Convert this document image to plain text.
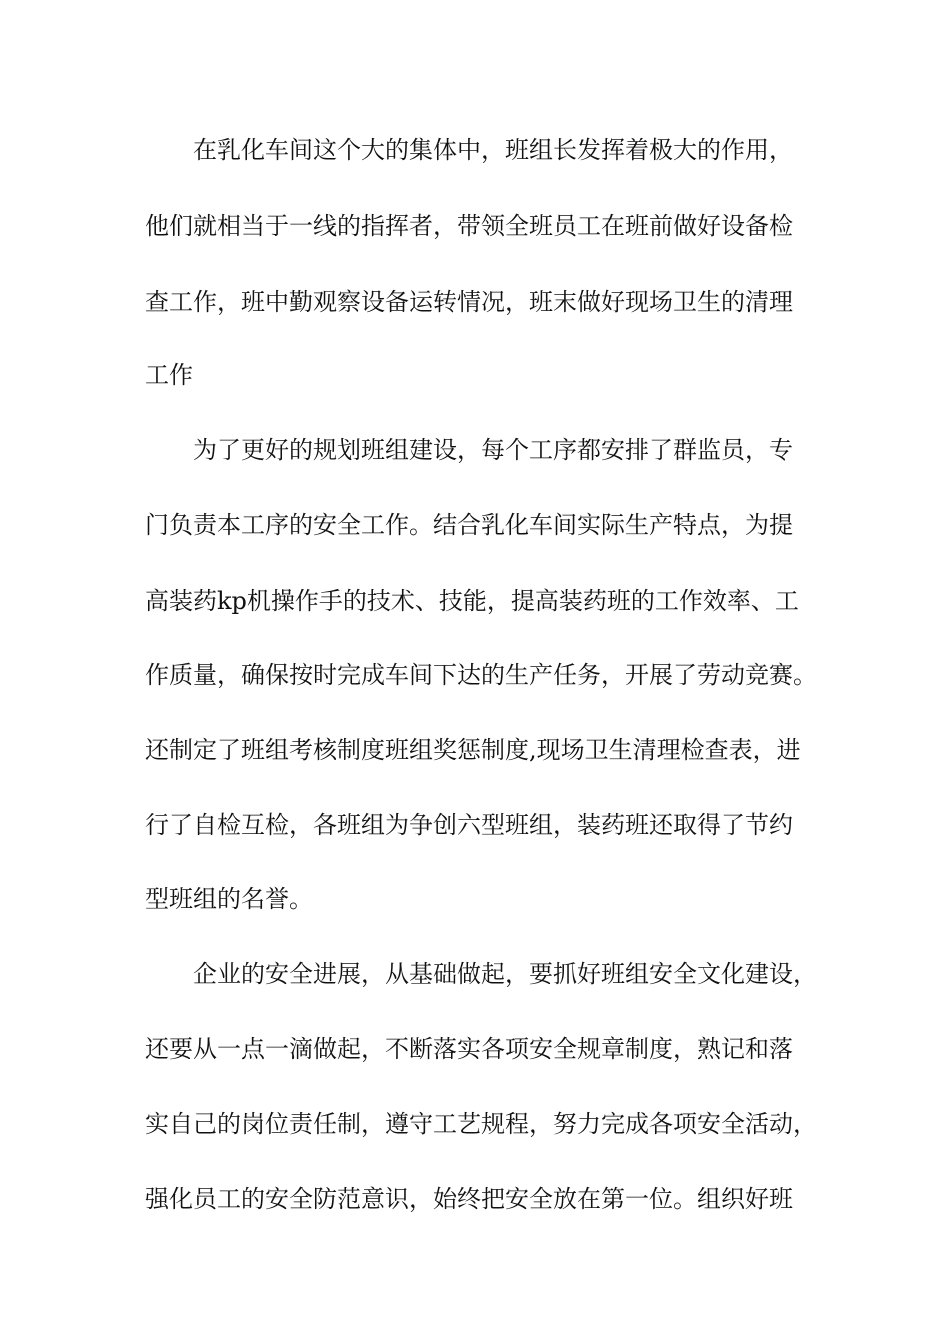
在乳化车间这个大的集体中，班组长发挥着极大的作用，
他们就相当于一线的指挥者，带领全班员工在班前做好设备检
查工作，班中勤观察设备运转情况，班末做好现场卫生的清理
工作
为了更好的规划班组建设，每个工序都安排了群监员，专
门负责本工序的安全工作。结合乳化车间实际生产特点，为提
高装药kp机操作手的技术、技能，提高装药班的工作效率、工
作质量，确保按时完成车间下达的生产任务，开展了劳动竞赛。
还制定了班组考核制度班组奖惩制度,现场卫生清理检查表，进
行了自检互检，各班组为争创六型班组，装药班还取得了节约
型班组的名誉。
企业的安全进展，从基础做起，要抓好班组安全文化建设，
还要从一点一滴做起，不断落实各项安全规章制度，熟记和落
实自己的岗位责任制，遵守工艺规程，努力完成各项安全活动，
强化员工的安全防范意识，始终把安全放在第一位。组织好班
